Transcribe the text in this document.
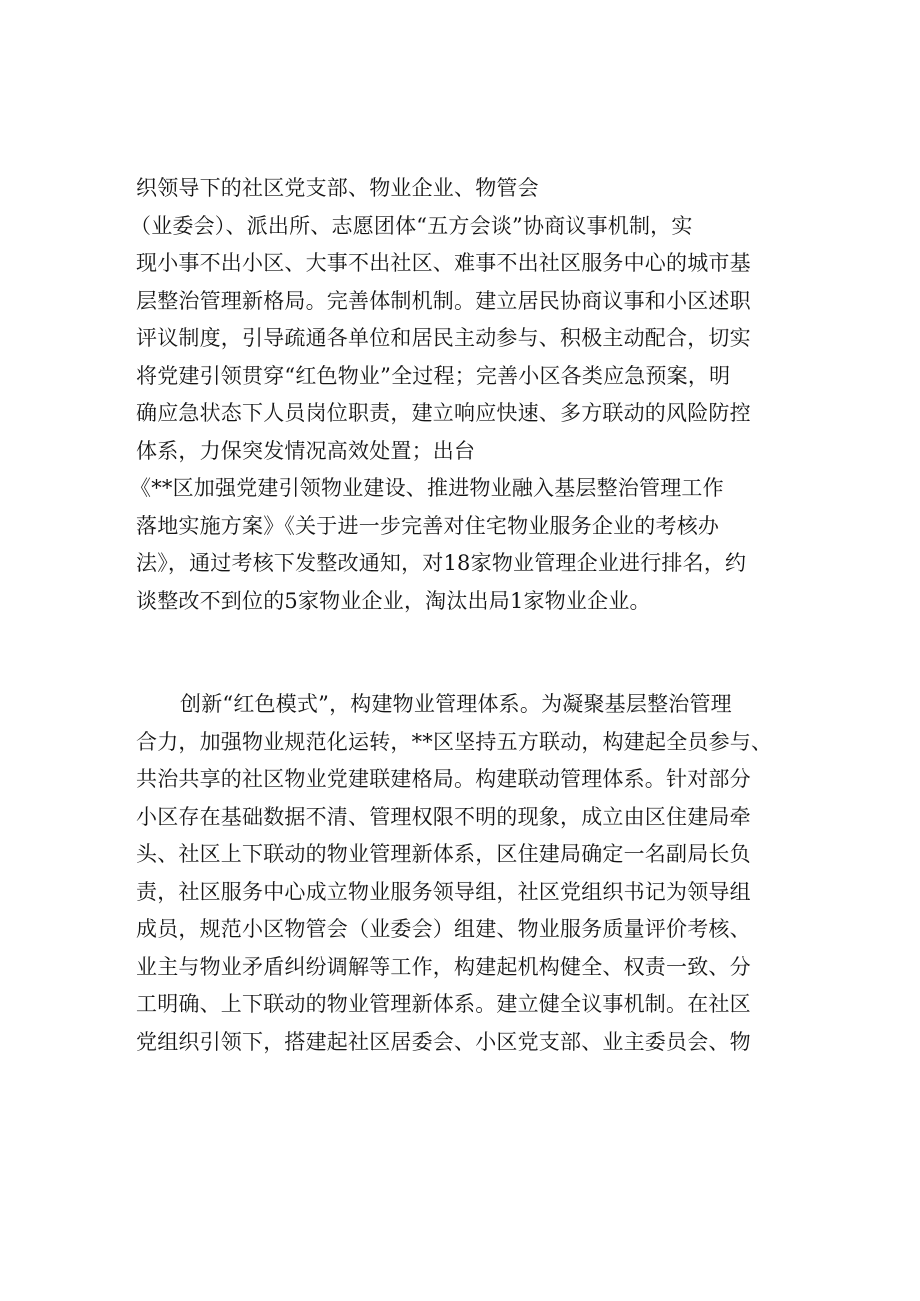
织领导下的社区党支部、物业企业、物管会
（业委会）、派出所、志愿团体“五方会谈”协商议事机制，实
现小事不出小区、大事不出社区、难事不出社区服务中心的城市基
层整治管理新格局。完善体制机制。建立居民协商议事和小区述职
评议制度，引导疏通各单位和居民主动参与、积极主动配合，切实
将党建引领贯穿“红色物业”全过程；完善小区各类应急预案，明
确应急状态下人员岗位职责，建立响应快速、多方联动的风险防控
体系，力保突发情况高效处置；出台
《**区加强党建引领物业建设、推进物业融入基层整治管理工作
落地实施方案》《关于进一步完善对住宅物业服务企业的考核办
法》，通过考核下发整改通知，对18家物业管理企业进行排名，约
谈整改不到位的5家物业企业，淘汰出局1家物业企业。
创新“红色模式”，构建物业管理体系。为凝聚基层整治管理
合力，加强物业规范化运转，**区坚持五方联动，构建起全员参与、
共治共享的社区物业党建联建格局。构建联动管理体系。针对部分
小区存在基础数据不清、管理权限不明的现象，成立由区住建局牵
头、社区上下联动的物业管理新体系，区住建局确定一名副局长负
责，社区服务中心成立物业服务领导组，社区党组织书记为领导组
成员，规范小区物管会（业委会）组建、物业服务质量评价考核、
业主与物业矛盾纠纷调解等工作，构建起机构健全、权责一致、分
工明确、上下联动的物业管理新体系。建立健全议事机制。在社区
党组织引领下，搭建起社区居委会、小区党支部、业主委员会、物
